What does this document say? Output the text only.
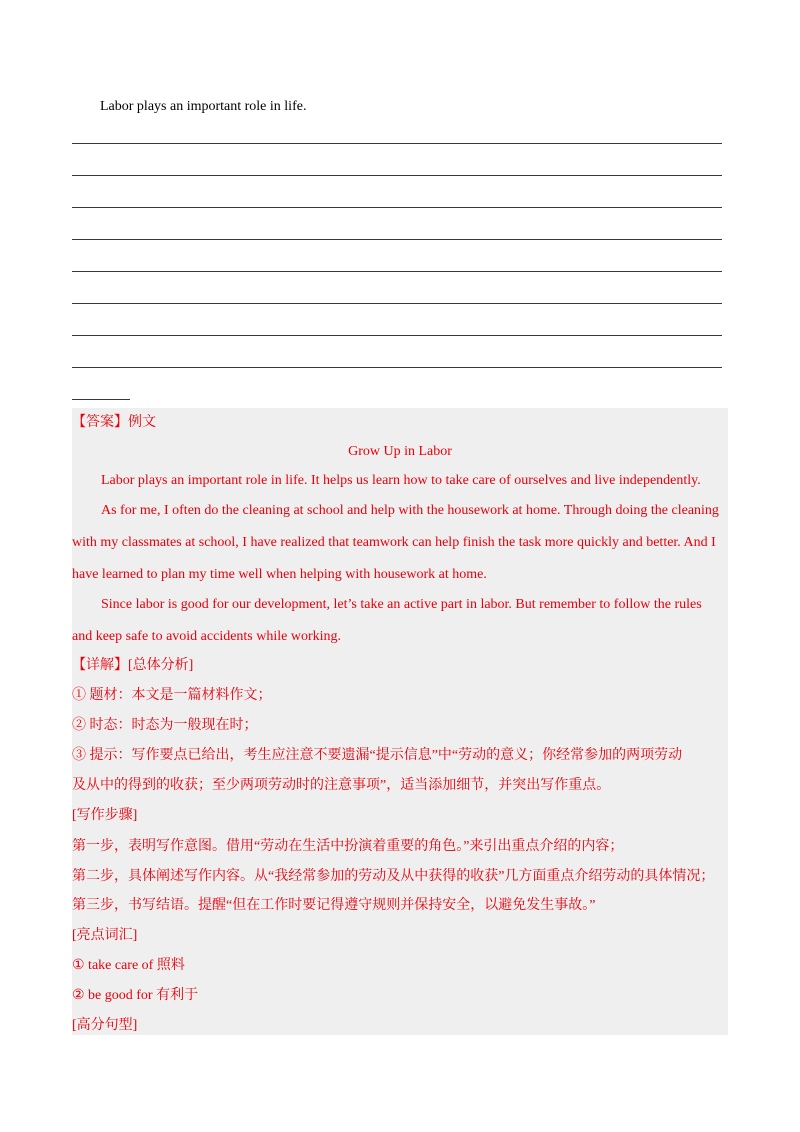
Labor plays an important role in life.
【答案】例文
Grow Up in Labor
Labor plays an important role in life. It helps us learn how to take care of ourselves and live independently.
As for me, I often do the cleaning at school and help with the housework at home. Through doing the cleaning
with my classmates at school, I have realized that teamwork can help finish the task more quickly and better. And I
have learned to plan my time well when helping with housework at home.
Since labor is good for our development, let’s take an active part in labor. But remember to follow the rules
and keep safe to avoid accidents while working.
【详解】[总体分析]
① 题材：本文是一篇材料作文；
② 时态：时态为一般现在时；
③ 提示：写作要点已给出，考生应注意不要遗漏“提示信息”中“劳动的意义；你经常参加的两项劳动
及从中的得到的收获；至少两项劳动时的注意事项”，适当添加细节，并突出写作重点。
[写作步骤]
第一步，表明写作意图。借用“劳动在生活中扮演着重要的角色。”来引出重点介绍的内容；
第二步，具体阐述写作内容。从“我经常参加的劳动及从中获得的收获”几方面重点介绍劳动的具体情况；
第三步，书写结语。提醒“但在工作时要记得遵守规则并保持安全，以避免发生事故。”
[亮点词汇]
① take care of 照料
② be good for 有利于
[高分句型]
